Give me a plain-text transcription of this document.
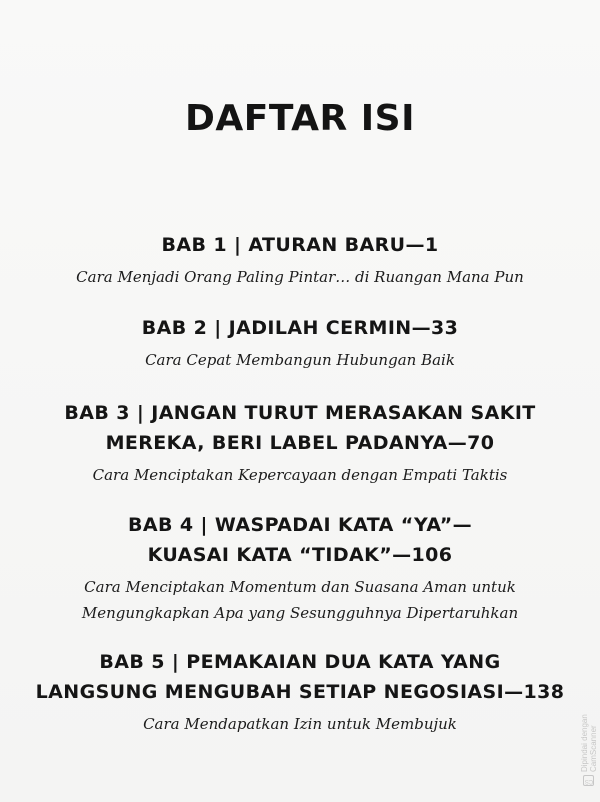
DAFTAR ISI

BAB 1 | ATURAN BARU—1

Cara Menjadi Orang Paling Pintar… di Ruangan Mana Pun

BAB 2 | JADILAH CERMIN—33

Cara Cepat Membangun Hubungan Baik

BAB 3 | JANGAN TURUT MERASAKAN SAKIT
MEREKA, BERI LABEL PADANYA—70

Cara Menciptakan Kepercayaan dengan Empati Taktis

BAB 4 | WASPADAI KATA “YA”—
KUASAI KATA “TIDAK”—106

Cara Menciptakan Momentum dan Suasana Aman untuk
Mengungkapkan Apa yang Sesungguhnya Dipertaruhkan

BAB 5 | PEMAKAIAN DUA KATA YANG
LANGSUNG MENGUBAH SETIAP NEGOSIASI—138

Cara Mendapatkan Izin untuk Membujuk

CS
Dipindai dengan CamScanner
